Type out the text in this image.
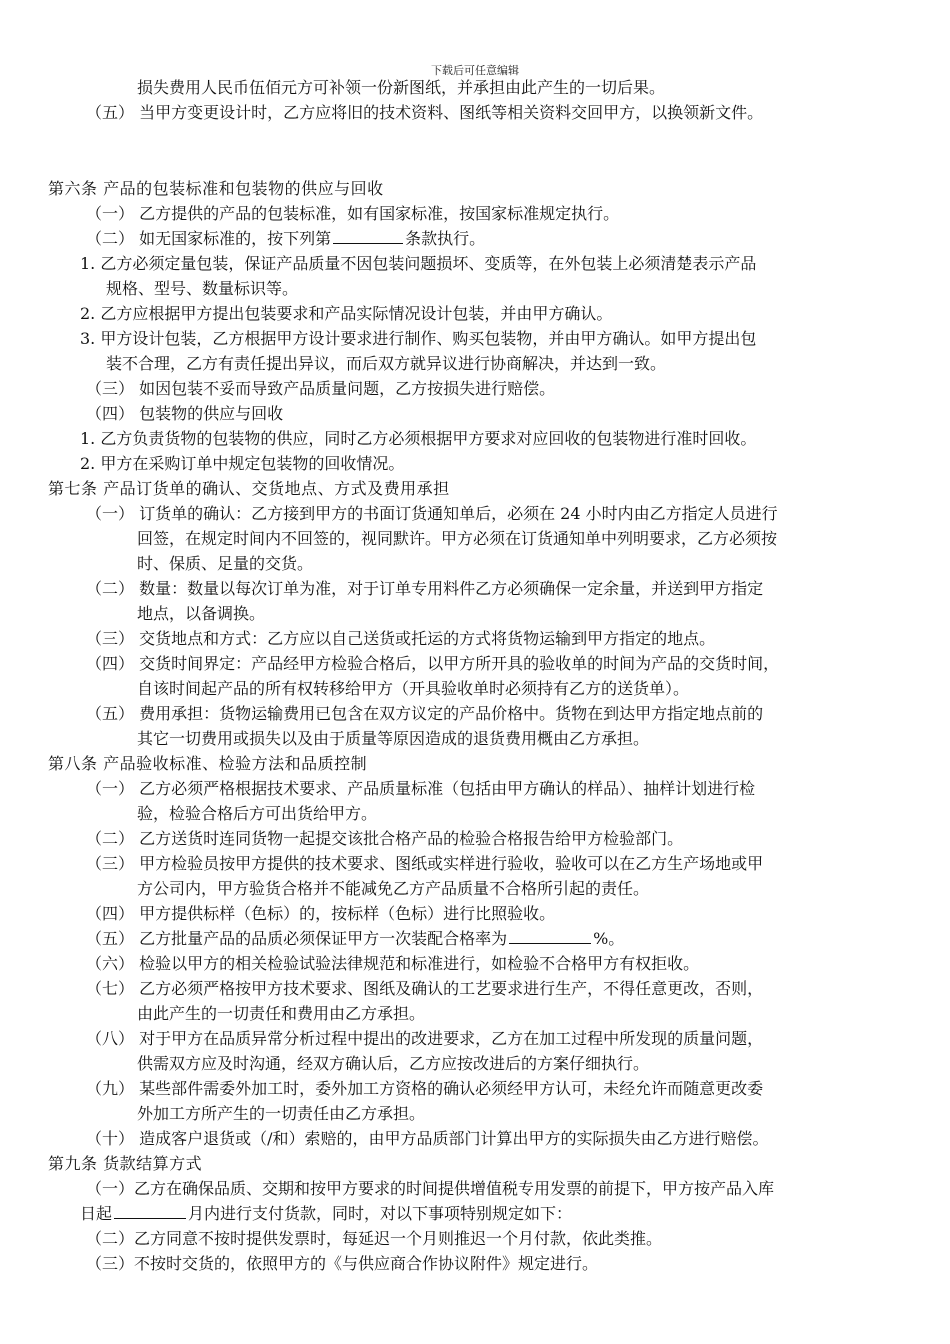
下载后可任意编辑
损失费用人民币伍佰元方可补领一份新图纸，并承担由此产生的一切后果。
（五） 当甲方变更设计时，乙方应将旧的技术资料、图纸等相关资料交回甲方，以换领新文件。
第六条 产品的包装标准和包装物的供应与回收
（一） 乙方提供的产品的包装标准，如有国家标准，按国家标准规定执行。
（二） 如无国家标准的，按下列第	条款执行。
1. 乙方必须定量包装，保证产品质量不因包装问题损坏、变质等，在外包装上必须清楚表示产品
规格、型号、数量标识等。
2. 乙方应根据甲方提出包装要求和产品实际情况设计包装，并由甲方确认。
3. 甲方设计包装，乙方根据甲方设计要求进行制作、购买包装物，并由甲方确认。如甲方提出包
装不合理，乙方有责任提出异议，而后双方就异议进行协商解决，并达到一致。
（三） 如因包装不妥而导致产品质量问题，乙方按损失进行赔偿。
（四） 包装物的供应与回收
1. 乙方负责货物的包装物的供应，同时乙方必须根据甲方要求对应回收的包装物进行准时回收。
2. 甲方在采购订单中规定包装物的回收情况。
第七条 产品订货单的确认、交货地点、方式及费用承担
（一） 订货单的确认：乙方接到甲方的书面订货通知单后，必须在 24 小时内由乙方指定人员进行
回签，在规定时间内不回签的，视同默许。甲方必须在订货通知单中列明要求，乙方必须按
时、保质、足量的交货。
（二） 数量：数量以每次订单为准，对于订单专用料件乙方必须确保一定余量，并送到甲方指定
地点，以备调换。
（三） 交货地点和方式：乙方应以自己送货或托运的方式将货物运输到甲方指定的地点。
（四） 交货时间界定：产品经甲方检验合格后，以甲方所开具的验收单的时间为产品的交货时间，
自该时间起产品的所有权转移给甲方（开具验收单时必须持有乙方的送货单）。
（五） 费用承担：货物运输费用已包含在双方议定的产品价格中。货物在到达甲方指定地点前的
其它一切费用或损失以及由于质量等原因造成的退货费用概由乙方承担。
第八条 产品验收标准、检验方法和品质控制
（一） 乙方必须严格根据技术要求、产品质量标准（包括由甲方确认的样品）、抽样计划进行检
验，检验合格后方可出货给甲方。
（二） 乙方送货时连同货物一起提交该批合格产品的检验合格报告给甲方检验部门。
（三） 甲方检验员按甲方提供的技术要求、图纸或实样进行验收，验收可以在乙方生产场地或甲
方公司内，甲方验货合格并不能减免乙方产品质量不合格所引起的责任。
（四） 甲方提供标样（色标）的，按标样（色标）进行比照验收。
（五） 乙方批量产品的品质必须保证甲方一次装配合格率为	%。
（六） 检验以甲方的相关检验试验法律规范和标准进行，如检验不合格甲方有权拒收。
（七） 乙方必须严格按甲方技术要求、图纸及确认的工艺要求进行生产，不得任意更改，否则，
由此产生的一切责任和费用由乙方承担。
（八） 对于甲方在品质异常分析过程中提出的改进要求，乙方在加工过程中所发现的质量问题，
供需双方应及时沟通，经双方确认后，乙方应按改进后的方案仔细执行。
（九） 某些部件需委外加工时，委外加工方资格的确认必须经甲方认可，未经允许而随意更改委
外加工方所产生的一切责任由乙方承担。
（十） 造成客户退货或（/和）索赔的，由甲方品质部门计算出甲方的实际损失由乙方进行赔偿。
第九条 货款结算方式
（一）乙方在确保品质、交期和按甲方要求的时间提供增值税专用发票的前提下，甲方按产品入库
日起	月内进行支付货款，同时，对以下事项特别规定如下：
（二）乙方同意不按时提供发票时，每延迟一个月则推迟一个月付款，依此类推。
（三）不按时交货的，依照甲方的《与供应商合作协议附件》规定进行。
